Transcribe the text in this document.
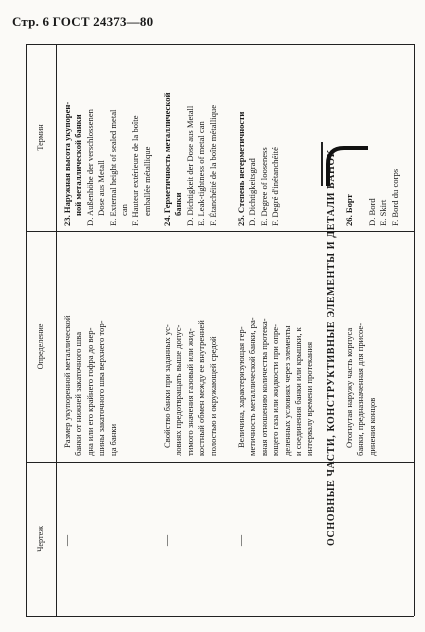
Стр. 6 ГОСТ 24373—80
Термин
Определение
Чертеж

23. Наружная высота укупорен- ной металлической банки D. Außenhöhe der verschlossenen Dose aus Metall E. External height of sealed metal can F. Hauteur extérieure de la boîte emballée métallique

Размер укупоренной металлической банки от нижней закаточного шва дна или его крайнего гофра до вер- шины закаточного шва верхнего тор- ца банки

—

24. Герметичность металлической банки D. Dichtigkeit der Dose aus Metall E. Leak-tightness of metal can F. Étanchéité de la boîte métallique

Свойство банки при заданных ус- ловиях предотвращать выше допус- тимого значения газовый или жид- костный обмен между ее внутренней полостью и окружающей средой

—

25. Степень негерметичности D. Dichtigkeitsgrad E. Degree of looseness F. Degré d'inétanchéité

Величина, характеризующая гер- метичность металлической банки, ра- вная отношению количества протека- ющего газа или жидкости при опре- деленных условиях через элементы и соединения банки или крышки, к интервалу времени протекания

—	ОСНОВНЫЕ ЧАСТИ, КОНСТРУКТИВНЫЕ ЭЛЕМЕНТЫ И ДЕТАЛИ БАНОК 26. Борт

D. Bord E. Skirt F. Bord du corps

Отогнутая наружу часть корпуса банки, предназначенная для присое- динения концов
